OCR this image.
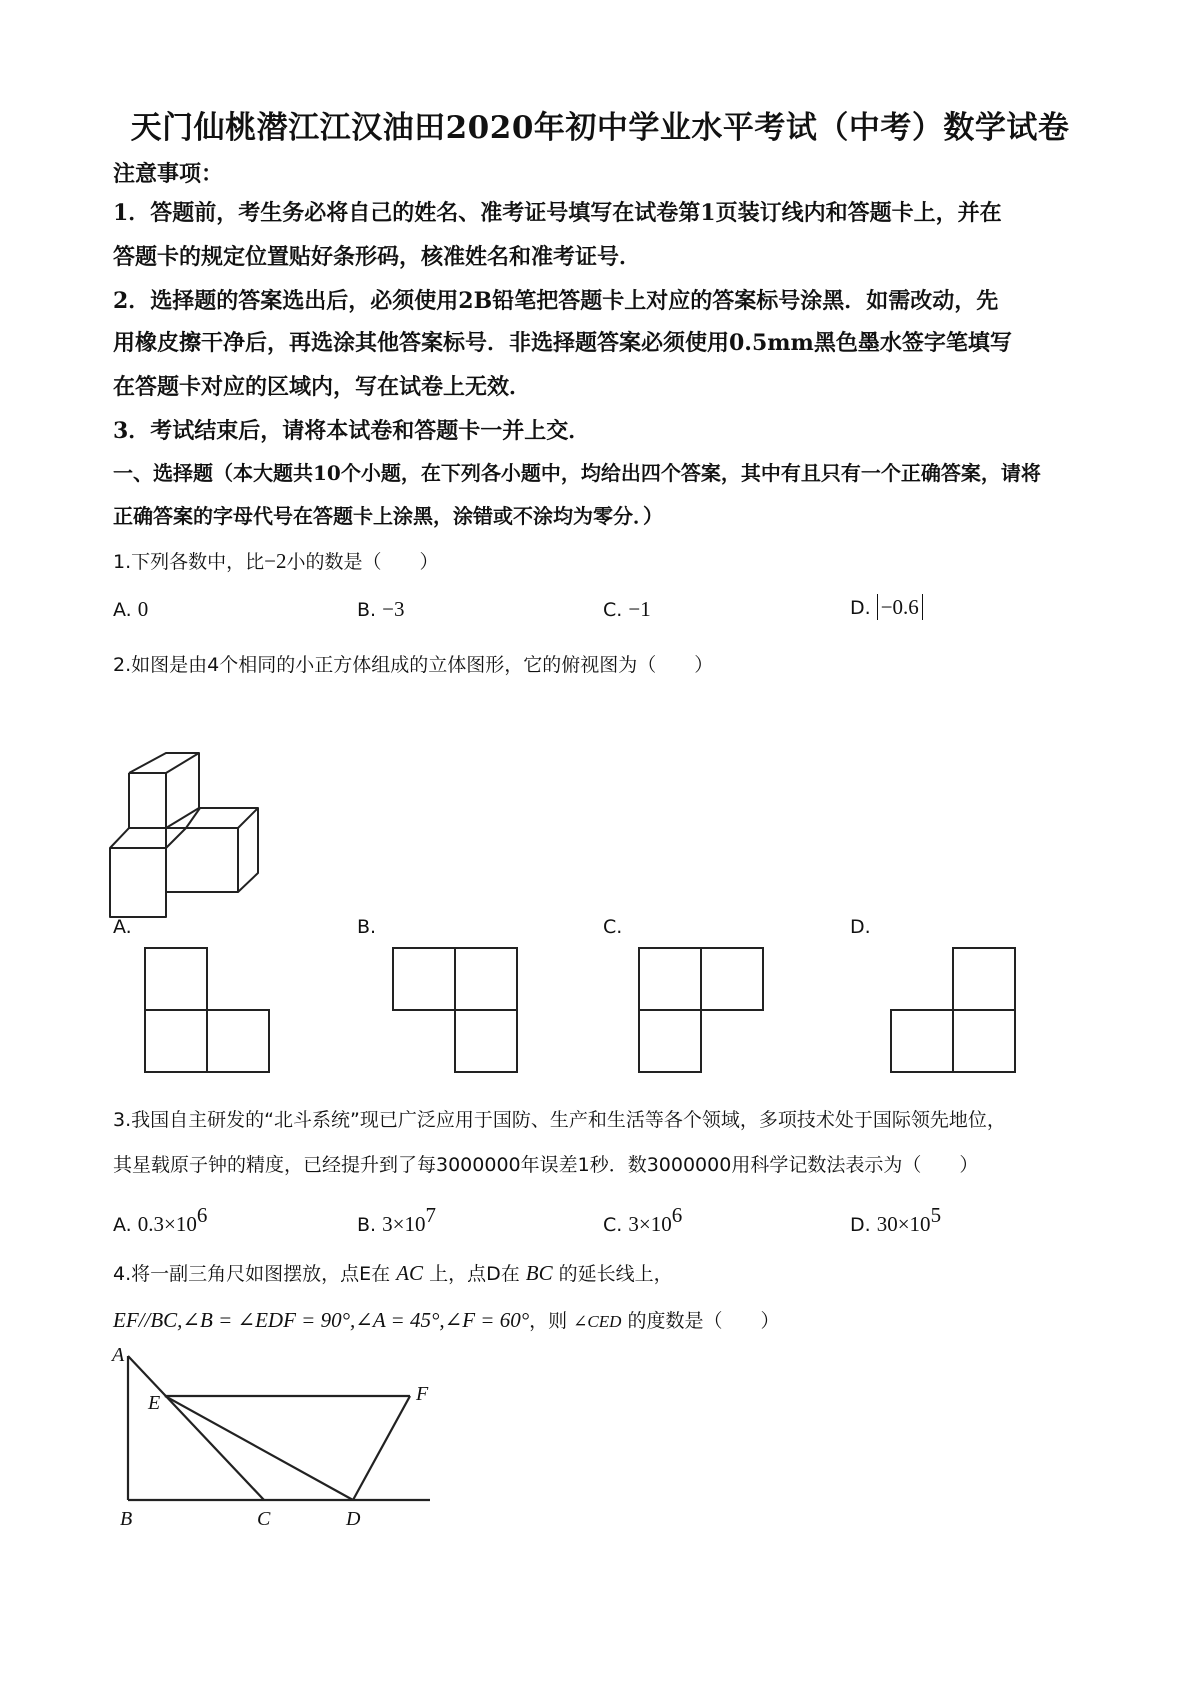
天门仙桃潜江江汉油田2020年初中学业水平考试（中考）数学试卷
注意事项：
1．答题前，考生务必将自己的姓名、准考证号填写在试卷第1页装订线内和答题卡上，并在
答题卡的规定位置贴好条形码，核准姓名和准考证号．
2．选择题的答案选出后，必须使用2B铅笔把答题卡上对应的答案标号涂黑．如需改动，先
用橡皮擦干净后，再选涂其他答案标号．非选择题答案必须使用0.5mm黑色墨水签字笔填写
在答题卡对应的区域内，写在试卷上无效．
3．考试结束后，请将本试卷和答题卡一并上交．
一、选择题（本大题共10个小题，在下列各小题中，均给出四个答案，其中有且只有一个正确答案，请将
正确答案的字母代号在答题卡上涂黑，涂错或不涂均为零分．）
1.下列各数中，比−2小的数是（　　）
A. 0	B. −3	C. −1	D. −0.6
2.如图是由4个相同的小正方体组成的立体图形，它的俯视图为（　　）
A.	B.	C.	D.
3.我国自主研发的“北斗系统”现已广泛应用于国防、生产和生活等各个领域，多项技术处于国际领先地位，
其星载原子钟的精度，已经提升到了每3000000年误差1秒．数3000000用科学记数法表示为（　　）
A. $0.3\times 10^6$	B. $3\times 10^7$	C. $3\times 10^6$	D. $30\times 10^5$
4.将一副三角尺如图摆放，点E在 AC 上，点D在 BC 的延长线上，
EF//BC,∠B = ∠EDF = 90°,∠A = 45°,∠F = 60°，则 ∠CED 的度数是（　　）
A
E	F
B	C	D
